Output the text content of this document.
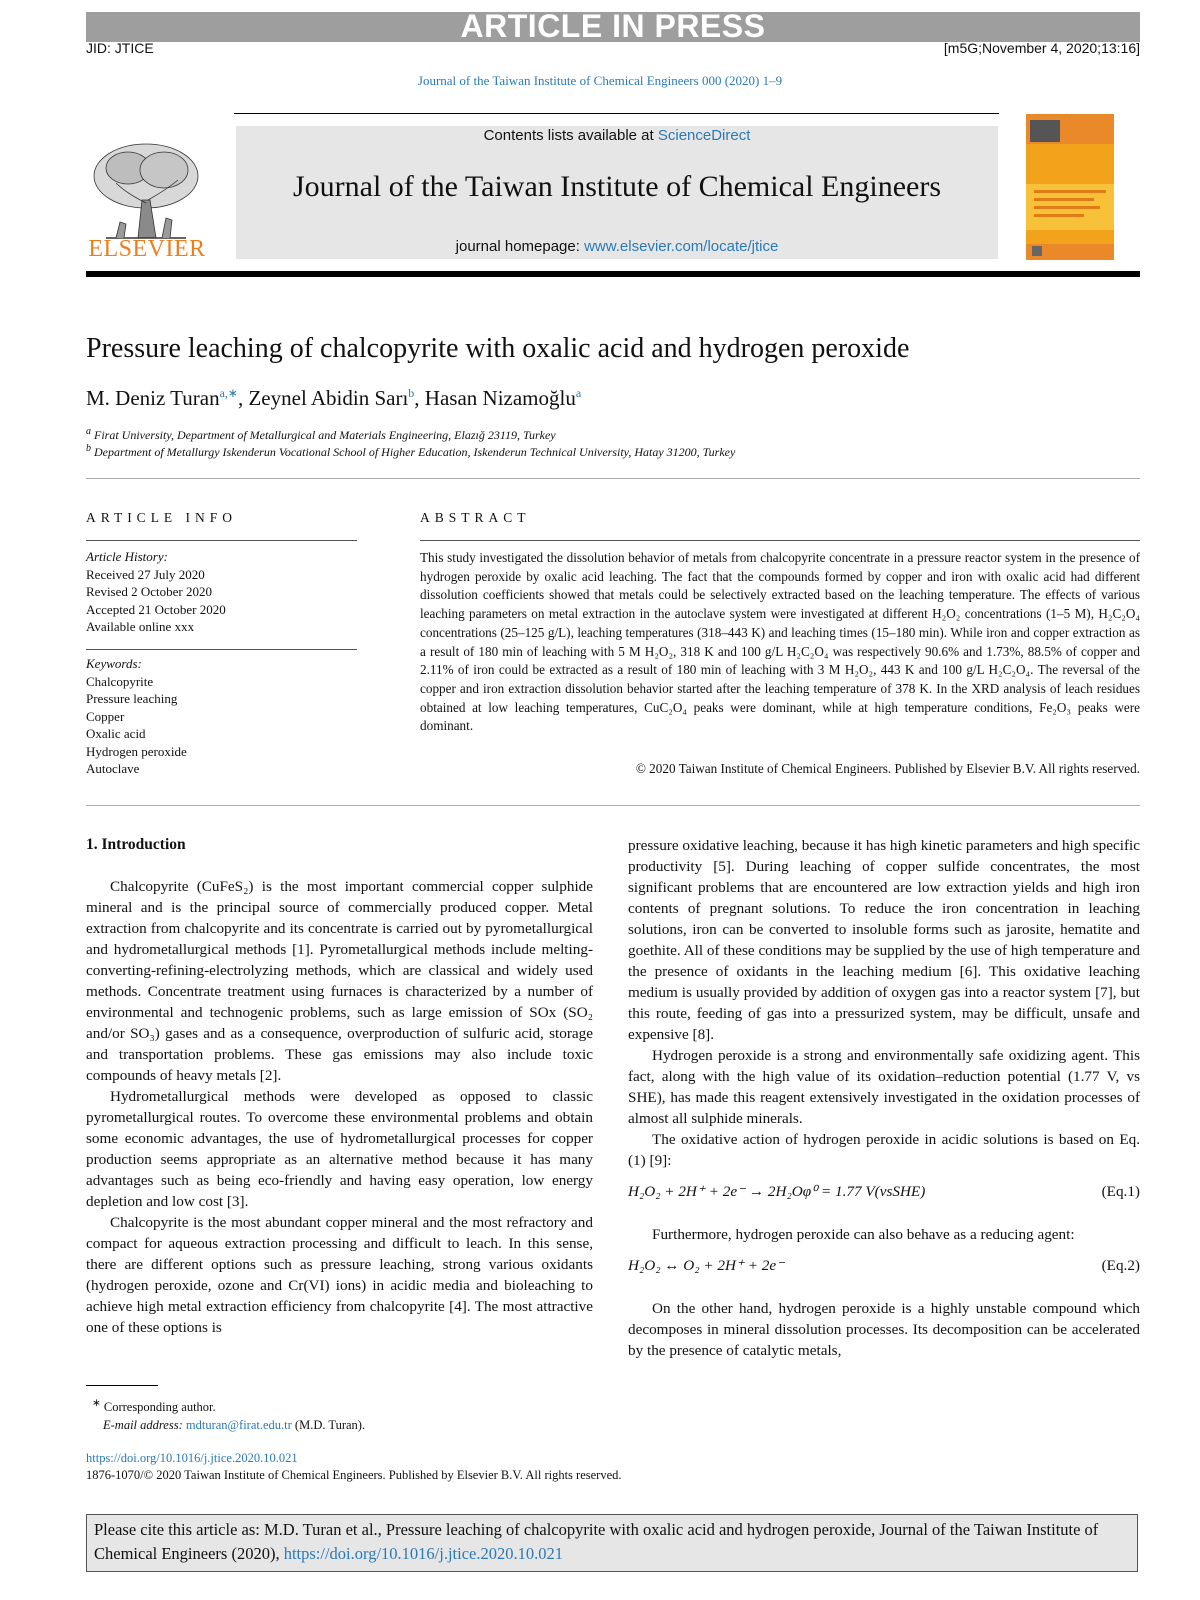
ARTICLE IN PRESS
JID: JTICE	[m5G;November 4, 2020;13:16]
Journal of the Taiwan Institute of Chemical Engineers 000 (2020) 1–9
Contents lists available at ScienceDirect
Journal of the Taiwan Institute of Chemical Engineers
journal homepage: www.elsevier.com/locate/jtice
ELSEVIER
Pressure leaching of chalcopyrite with oxalic acid and hydrogen peroxide
M. Deniz Turan$^{a,∗}$, Zeynel Abidin Sarı$^b$, Hasan Nizamoğlu$^a$
$^a$ Firat University, Department of Metallurgical and Materials Engineering, Elazığ 23119, Turkey
$^b$ Department of Metallurgy Iskenderun Vocational School of Higher Education, Iskenderun Technical University, Hatay 31200, Turkey
ARTICLE INFO
Article History:
Received 27 July 2020
Revised 2 October 2020
Accepted 21 October 2020
Available online xxx
Keywords:
Chalcopyrite
Pressure leaching
Copper
Oxalic acid
Hydrogen peroxide
Autoclave
ABSTRACT
This study investigated the dissolution behavior of metals from chalcopyrite concentrate in a pressure reactor system in the presence of hydrogen peroxide by oxalic acid leaching. The fact that the compounds formed by copper and iron with oxalic acid had different dissolution coefficients showed that metals could be selectively extracted based on the leaching temperature. The effects of various leaching parameters on metal extraction in the autoclave system were investigated at different H₂O₂ concentrations (1–5 M), H₂C₂O₄ concentrations (25–125 g/L), leaching temperatures (318–443 K) and leaching times (15–180 min). While iron and copper extraction as a result of 180 min of leaching with 5 M H₂O₂, 318 K and 100 g/L H₂C₂O₄ was respectively 90.6% and 1.73%, 88.5% of copper and 2.11% of iron could be extracted as a result of 180 min of leaching with 3 M H₂O₂, 443 K and 100 g/L H₂C₂O₄. The reversal of the copper and iron extraction dissolution behavior started after the leaching temperature of 378 K. In the XRD analysis of leach residues obtained at low leaching temperatures, CuC₂O₄ peaks were dominant, while at high temperature conditions, Fe₂O₃ peaks were dominant.
© 2020 Taiwan Institute of Chemical Engineers. Published by Elsevier B.V. All rights reserved.
1. Introduction

Chalcopyrite (CuFeS₂) is the most important commercial copper sulphide mineral and is the principal source of commercially produced copper. Metal extraction from chalcopyrite and its concentrate is carried out by pyrometallurgical and hydrometallurgical methods [1]. Pyrometallurgical methods include melting-converting-refining-electrolyzing methods, which are classical and widely used methods. Concentrate treatment using furnaces is characterized by a number of environmental and technogenic problems, such as large emission of SOx (SO₂ and/or SO₃) gases and as a consequence, overproduction of sulfuric acid, storage and transportation problems. These gas emissions may also include toxic compounds of heavy metals [2].

Hydrometallurgical methods were developed as opposed to classic pyrometallurgical routes. To overcome these environmental problems and obtain some economic advantages, the use of hydrometallurgical processes for copper production seems appropriate as an alternative method because it has many advantages such as being eco-friendly and having easy operation, low energy depletion and low cost [3].

Chalcopyrite is the most abundant copper mineral and the most refractory and compact for aqueous extraction processing and difficult to leach. In this sense, there are different options such as pressure leaching, strong various oxidants (hydrogen peroxide, ozone and Cr(VI) ions) in acidic media and bioleaching to achieve high metal extraction efficiency from chalcopyrite [4]. The most attractive one of these options is

pressure oxidative leaching, because it has high kinetic parameters and high specific productivity [5]. During leaching of copper sulfide concentrates, the most significant problems that are encountered are low extraction yields and high iron contents of pregnant solutions. To reduce the iron concentration in leaching solutions, iron can be converted to insoluble forms such as jarosite, hematite and goethite. All of these conditions may be supplied by the use of high temperature and the presence of oxidants in the leaching medium [6]. This oxidative leaching medium is usually provided by addition of oxygen gas into a reactor system [7], but this route, feeding of gas into a pressurized system, may be difficult, unsafe and expensive [8].

Hydrogen peroxide is a strong and environmentally safe oxidizing agent. This fact, along with the high value of its oxidation–reduction potential (1.77 V, vs SHE), has made this reagent extensively investigated in the oxidation processes of almost all sulphide minerals.

The oxidative action of hydrogen peroxide in acidic solutions is based on Eq. (1) [9]:

H₂O₂ + 2H⁺ + 2e⁻ → 2H₂Oφ⁰ = 1.77 V(vsSHE)	(Eq.1)

Furthermore, hydrogen peroxide can also behave as a reducing agent:

H₂O₂ ↔ O₂ + 2H⁺ + 2e⁻	(Eq.2)

On the other hand, hydrogen peroxide is a highly unstable compound which decomposes in mineral dissolution processes. Its decomposition can be accelerated by the presence of catalytic metals,

∗ Corresponding author.
E-mail address: mdturan@firat.edu.tr (M.D. Turan).
https://doi.org/10.1016/j.jtice.2020.10.021
1876-1070/© 2020 Taiwan Institute of Chemical Engineers. Published by Elsevier B.V. All rights reserved.
Please cite this article as: M.D. Turan et al., Pressure leaching of chalcopyrite with oxalic acid and hydrogen peroxide, Journal of the Taiwan Institute of Chemical Engineers (2020), https://doi.org/10.1016/j.jtice.2020.10.021
